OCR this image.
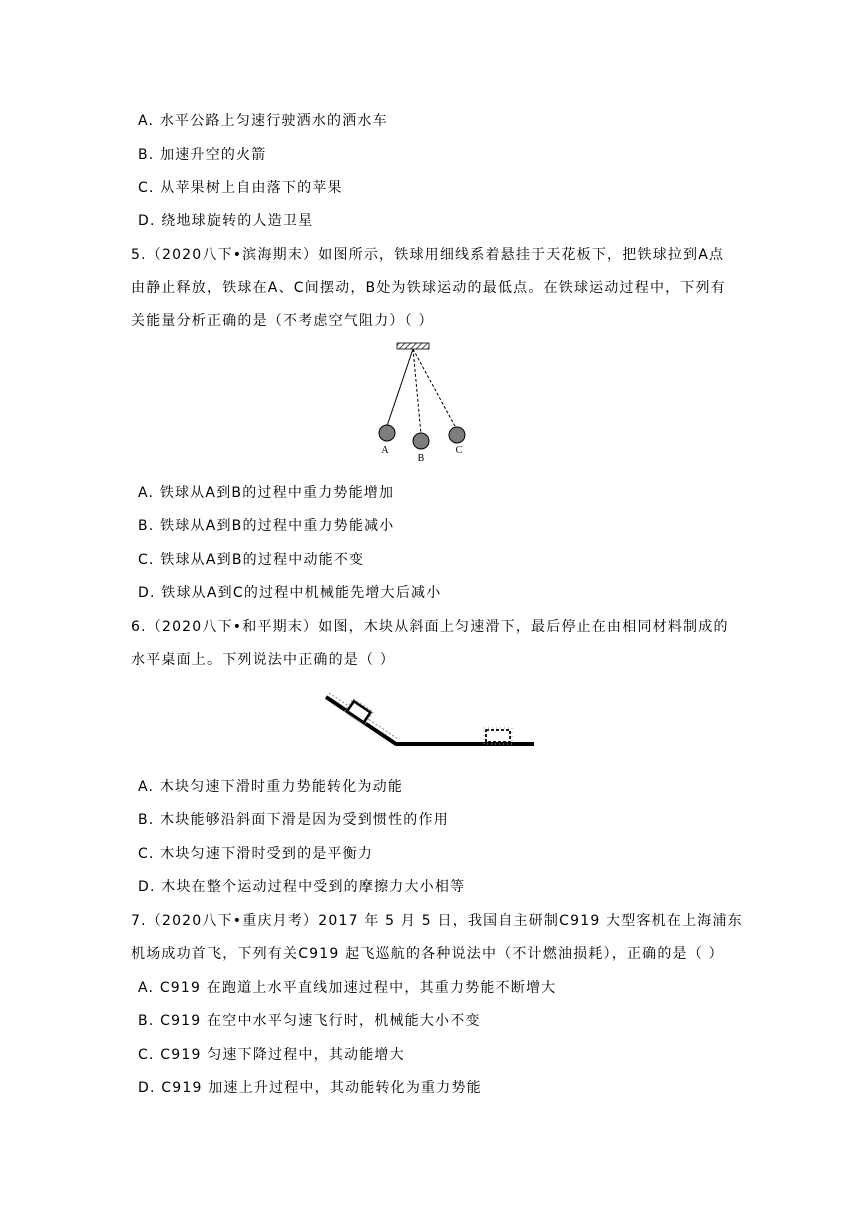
A. 水平公路上匀速行驶洒水的洒水车
B. 加速升空的火箭
C. 从苹果树上自由落下的苹果
D. 绕地球旋转的人造卫星
5.（2020八下•滨海期末）如图所示，铁球用细线系着悬挂于天花板下，把铁球拉到A点
由静止释放，铁球在A、C间摆动，B处为铁球运动的最低点。在铁球运动过程中，下列有
关能量分析正确的是（不考虑空气阻力）（ ）
A
B
C
A. 铁球从A到B的过程中重力势能增加
B. 铁球从A到B的过程中重力势能减小
C. 铁球从A到B的过程中动能不变
D. 铁球从A到C的过程中机械能先增大后减小
6.（2020八下•和平期末）如图，木块从斜面上匀速滑下，最后停止在由相同材料制成的
水平桌面上。下列说法中正确的是（ ）
A. 木块匀速下滑时重力势能转化为动能
B. 木块能够沿斜面下滑是因为受到惯性的作用
C. 木块匀速下滑时受到的是平衡力
D. 木块在整个运动过程中受到的摩擦力大小相等
7.（2020八下•重庆月考）2017 年 5 月 5 日，我国自主研制C919 大型客机在上海浦东
机场成功首飞，下列有关C919 起飞巡航的各种说法中（不计燃油损耗），正确的是（ ）
A. C919 在跑道上水平直线加速过程中，其重力势能不断增大
B. C919 在空中水平匀速飞行时，机械能大小不变
C. C919 匀速下降过程中，其动能增大
D. C919 加速上升过程中，其动能转化为重力势能
